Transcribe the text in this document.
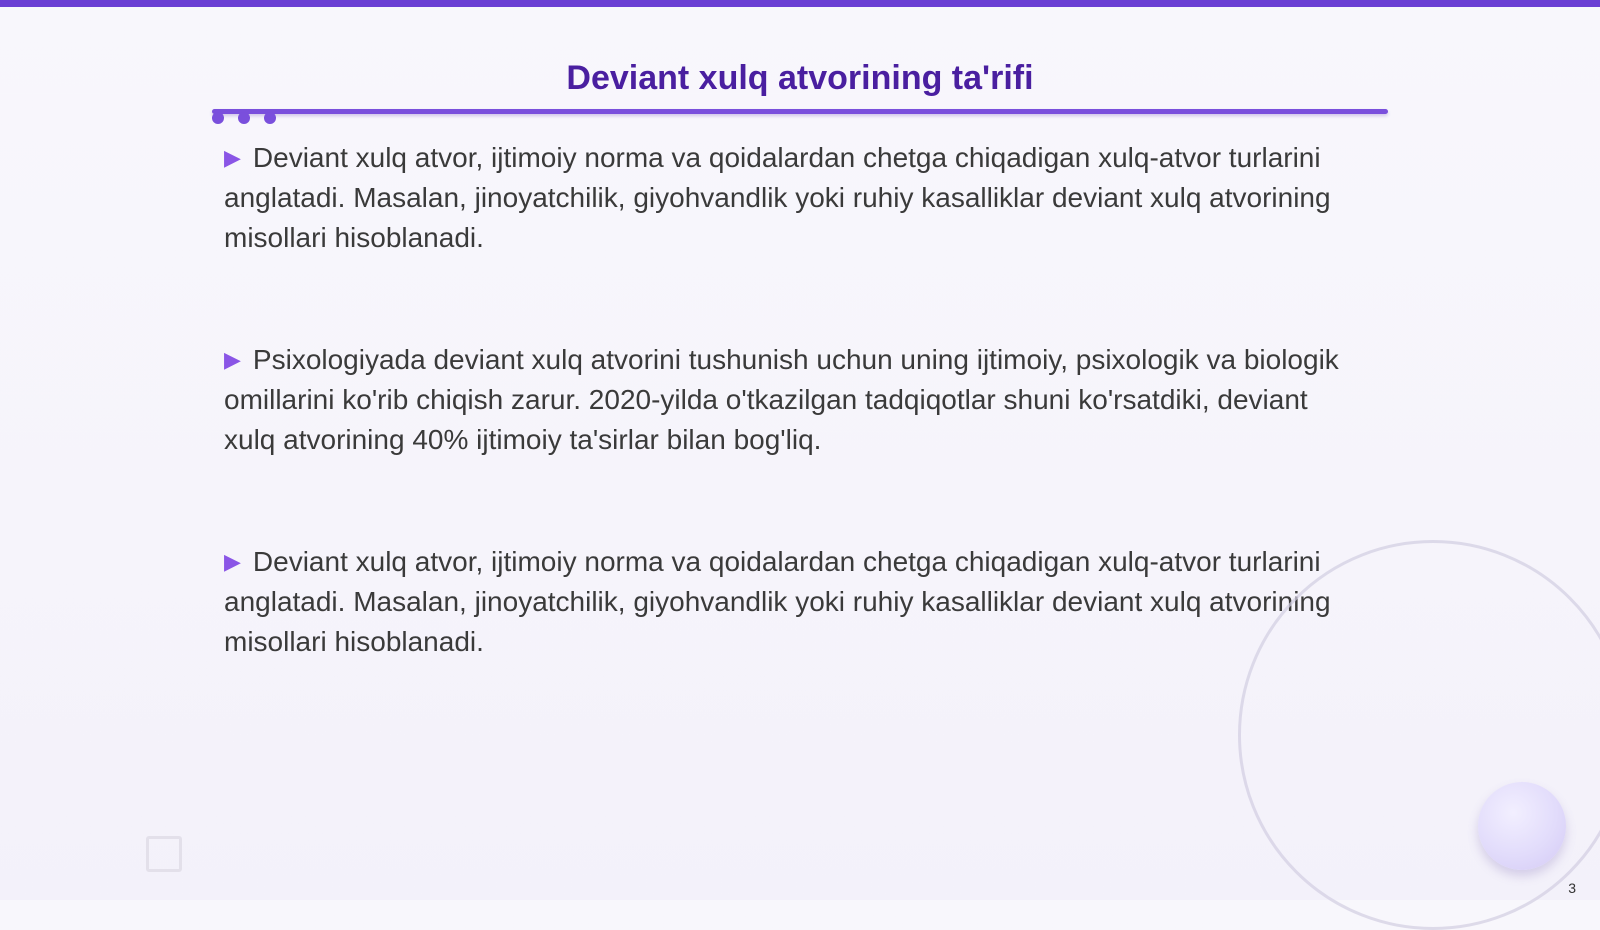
Deviant xulq atvorining ta'rifi

▶ Deviant xulq atvor, ijtimoiy norma va qoidalardan chetga chiqadigan xulq-atvor turlarini anglatadi. Masalan, jinoyatchilik, giyohvandlik yoki ruhiy kasalliklar deviant xulq atvorining misollari hisoblanadi.

▶ Psixologiyada deviant xulq atvorini tushunish uchun uning ijtimoiy, psixologik va biologik omillarini ko'rib chiqish zarur. 2020-yilda o'tkazilgan tadqiqotlar shuni ko'rsatdiki, deviant xulq atvorining 40% ijtimoiy ta'sirlar bilan bog'liq.

▶ Deviant xulq atvor, ijtimoiy norma va qoidalardan chetga chiqadigan xulq-atvor turlarini anglatadi. Masalan, jinoyatchilik, giyohvandlik yoki ruhiy kasalliklar deviant xulq atvorining misollari hisoblanadi.

3
